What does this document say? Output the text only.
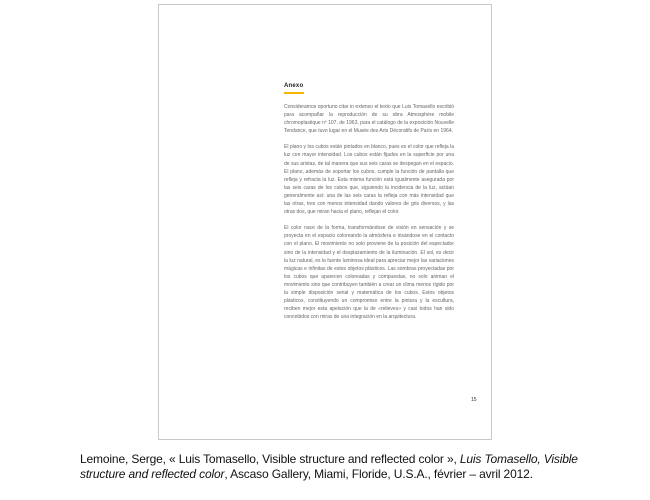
Anexo

Consideramos oportuno citar in extenso el texto que Luis Tomasello escribió para acompañar la reproducción de su obra Atmosphère mobile chromoplastique nº 107, de 1963, para el catálogo de la exposición Nouvelle Tendance, que tuvo lugar en el Musée des Arts Décoratifs de París en 1964.

El plano y los cubos están pintados en blanco, pues es el color que refleja la luz con mayor intensidad. Los cubos están fijados en la superficie por una de sus aristas, de tal manera que sus seis caras se despegan en el espacio. El plano, además de soportar los cubos, cumple la función de pantalla que refleja y refracta la luz. Esta misma función está igualmente asegurada por las seis caras de los cubos que, siguiendo la incidencia de la luz, actúan generalmente así: una de las seis caras la refleja con más intensidad que las otras, tres con menos intensidad dando valores de gris diversos, y las otras dos, que miran hacia el plano, reflejan el color.

El color nace de la forma, transformándose de visión en sensación y se proyecta en el espacio coloreando la atmósfera e irisándose en el contacto con el plano. El movimiento no solo proviene de la posición del espectador sino de la intensidad y el desplazamiento de la iluminación. El sol, es decir la luz natural, es la fuente luminosa ideal para apreciar mejor las variaciones mágicas e infinitas de estos objetos plásticos. Las sombras proyectadas por los cubos que aparecen coloreadas y compuestas, no solo animan el movimiento sino que contribuyen también a crear un clima menos rígido por la simple disposición serial y matemática de los cubos. Estos objetos plásticos, constituyendo un compromiso entre la pintura y la escultura, reciben mejor esta apelación que la de «relieves» y casi todos han sido concebidos con miras de una integración en la arquitectura.

15
Lemoine, Serge, « Luis Tomasello, Visible structure and reflected color », Luis Tomasello, Visible structure and reflected color, Ascaso Gallery, Miami, Floride, U.S.A., février – avril 2012.
